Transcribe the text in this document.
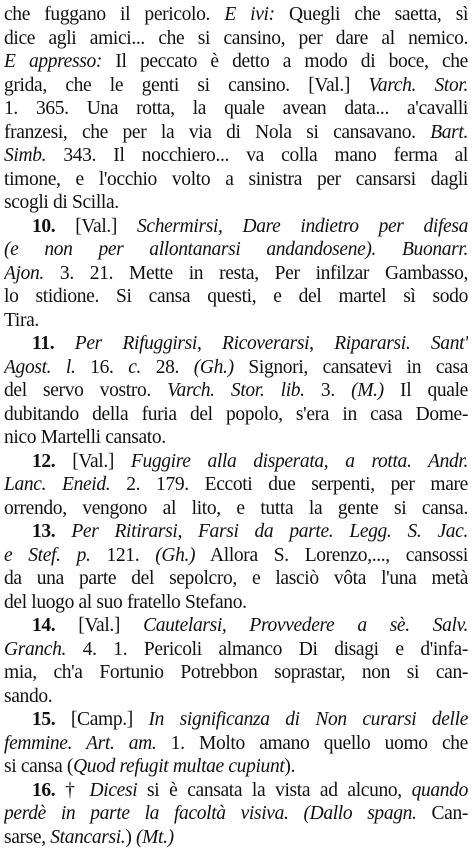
che fuggano il pericolo. E ivi: Quegli che saetta, sì
dice agli amici... che si cansino, per dare al nemico.
E appresso: Il peccato è detto a modo di boce, che
grida, che le genti si cansino. [Val.] Varch. Stor.
1. 365. Una rotta, la quale avean data... a'cavalli
franzesi, che per la via di Nola si cansavano. Bart.
Simb. 343. Il nocchiero... va colla mano ferma al
timone, e l'occhio volto a sinistra per cansarsi dagli
scogli di Scilla.
10. [Val.] Schermirsi, Dare indietro per difesa
(e non per allontanarsi andandosene). Buonarr.
Ajon. 3. 21. Mette in resta, Per infilzar Gambasso,
lo stidione. Si cansa questi, e del martel sì sodo
Tira.
11. Per Rifuggirsi, Ricoverarsi, Ripararsi. Sant'
Agost. l. 16. c. 28. (Gh.) Signori, cansatevi in casa
del servo vostro. Varch. Stor. lib. 3. (M.) Il quale
dubitando della furia del popolo, s'era in casa Dome-
nico Martelli cansato.
12. [Val.] Fuggire alla disperata, a rotta. Andr.
Lanc. Eneid. 2. 179. Eccoti due serpenti, per mare
orrendo, vengono al lito, e tutta la gente si cansa.
13. Per Ritirarsi, Farsi da parte. Legg. S. Jac.
e Stef. p. 121. (Gh.) Allora S. Lorenzo,..., cansossi
da una parte del sepolcro, e lasciò vôta l'una metà
del luogo al suo fratello Stefano.
14. [Val.] Cautelarsi, Provvedere a sè. Salv.
Granch. 4. 1. Pericoli almanco Di disagi e d'infa-
mia, ch'a Fortunio Potrebbon soprastar, non si can-
sando.
15. [Camp.] In significanza di Non curarsi delle
femmine. Art. am. 1. Molto amano quello uomo che
si cansa (Quod refugit multae cupiunt).
16. † Dicesi si è cansata la vista ad alcuno, quando
perdè in parte la facoltà visiva. (Dallo spagn. Can-
sarse, Stancarsi.) (Mt.)
